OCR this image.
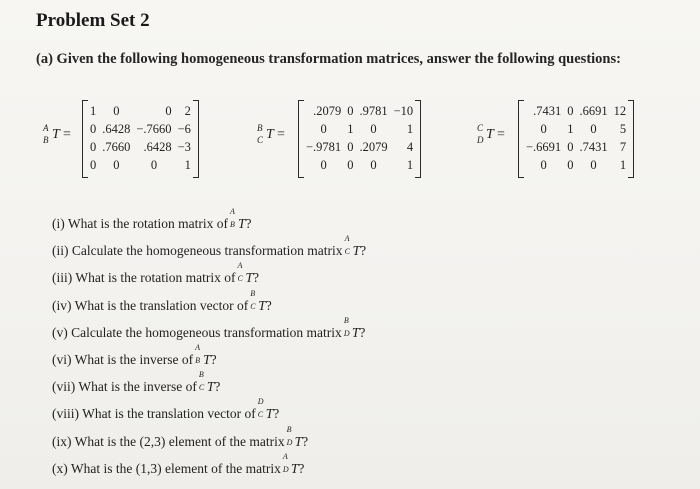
Problem Set 2
(a) Given the following homogeneous transformation matrices, answer the following questions:
A
B T =
1	0	0	2
0	.6428	−.7660	−6
0	.7660	.6428	−3
0	0	0	1
B
C T =
.2079	0	.9781	−10
0	1	0	1
−.9781	0	.2079	4
0	0	0	1
C
D T =
.7431	0	.6691	12
0	1	0	5
−.6691	0	.7431	7
0	0	0	1
(i) What is the rotation matrix of
A
B T?
(ii) Calculate the homogeneous transformation matrix
A
C T?
(iii) What is the rotation matrix of
A
C T?
(iv) What is the translation vector of
B
C T?
(v) Calculate the homogeneous transformation matrix
B
D T?
(vi) What is the inverse of
A
B T?
(vii) What is the inverse of
B
C T?
(viii) What is the translation vector of
D
C T?
(ix) What is the (2,3) element of the matrix
B
D T?
(x) What is the (1,3) element of the matrix
A
D T?
